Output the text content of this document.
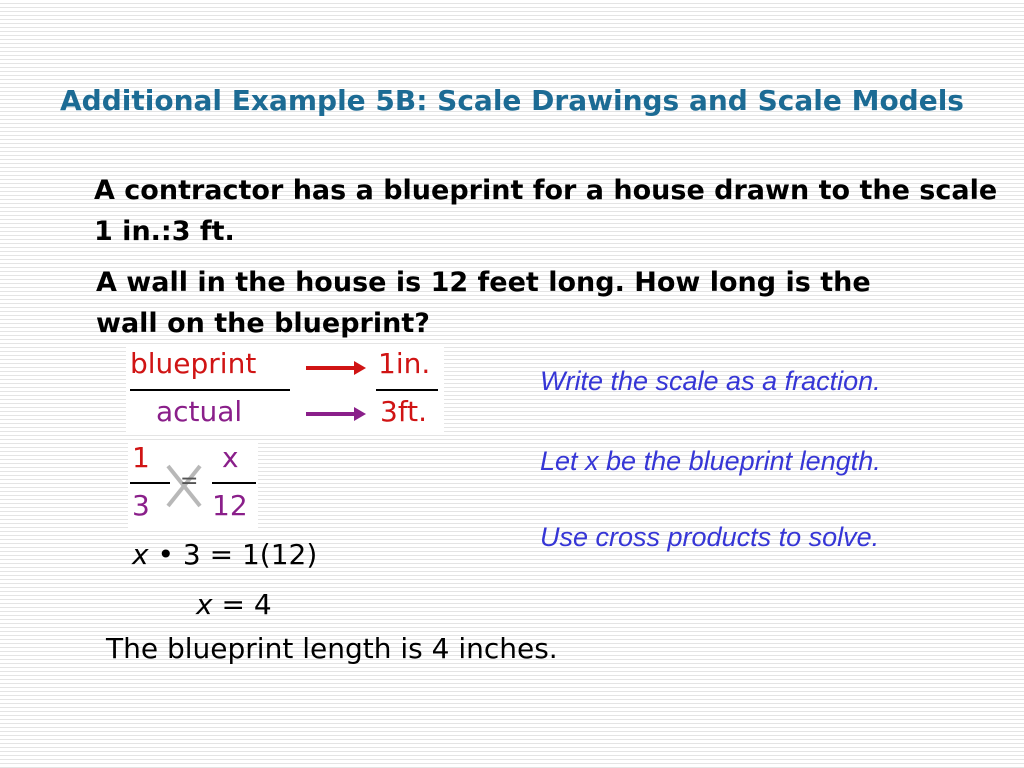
Additional Example 5B: Scale Drawings and Scale Models
A contractor has a blueprint for a house drawn to the scale 1 in.:3 ft.
A wall in the house is 12 feet long. How long is the wall on the blueprint?
blueprint
actual
1in.
3ft.
1
3
=
x
12
x • 3 = 1(12)
x = 4
The blueprint length is 4 inches.
Write the scale as a fraction.
Let x be the blueprint length.
Use cross products to solve.
